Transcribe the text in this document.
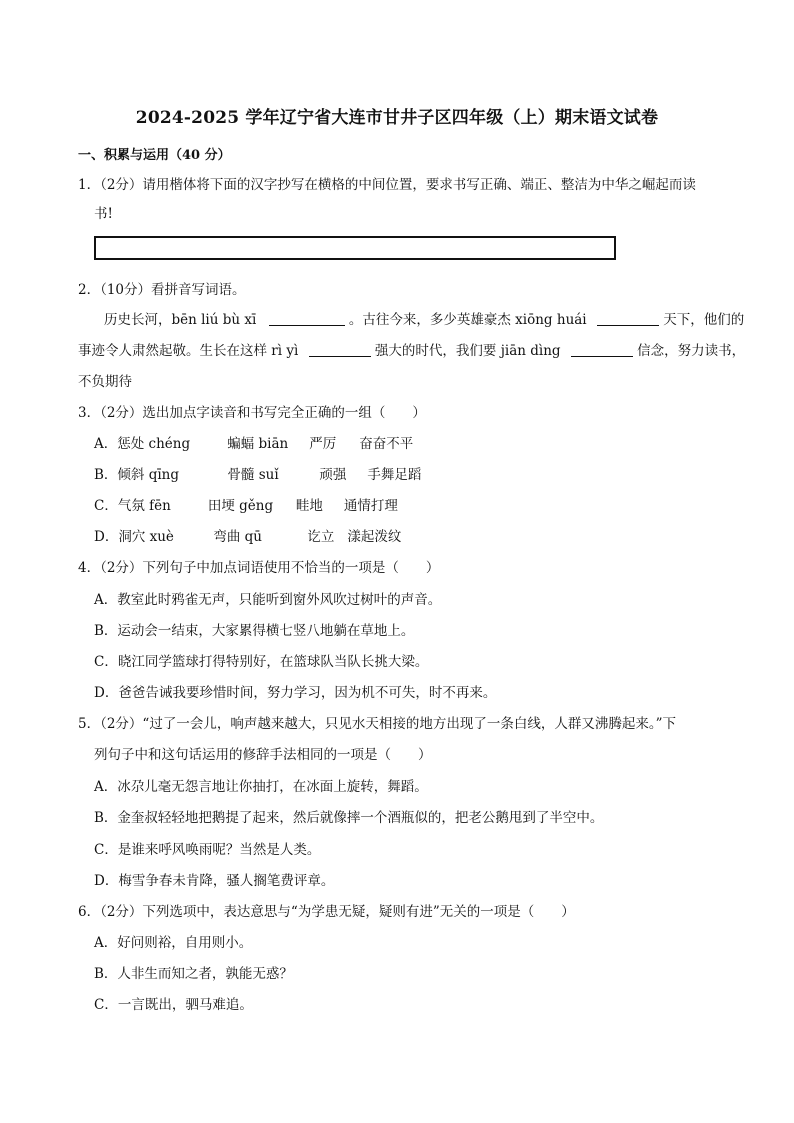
2024-2025 学年辽宁省大连市甘井子区四年级（上）期末语文试卷
一、积累与运用（40 分）
1．（2分）请用楷体将下面的汉字抄写在横格的中间位置，要求书写正确、端正、整洁为中华之崛起而读
书!
2．（10分）看拼音写词语。
历史长河，bēn liú bù xī	。古往今来，多少英雄豪杰 xiōng huái	天下，他们的
事迹令人肃然起敬。生长在这样 rì yì	强大的时代，我们要 jiān dìng	信念，努力读书，
不负期待
3．（2分）选出加点字读音和书写完全正确的一组（　　）
A．惩处 chéng	蝙蝠 biān 严厉 奋奋不平
B．倾斜 qīng	骨髓 suǐ	顽强 手舞足蹈
C．气氛 fēn	田埂 gěng 畦地 通情打理
D．洞穴 xuè	弯曲 qū	讫立 漾起泼纹
4．（2分）下列句子中加点词语使用不恰当的一项是（　　）
A．教室此时鸦雀无声，只能听到窗外风吹过树叶的声音。
B．运动会一结束，大家累得横七竖八地躺在草地上。
C．晓江同学篮球打得特别好，在篮球队当队长挑大梁。
D．爸爸告诫我要珍惜时间，努力学习，因为机不可失，时不再来。
5．（2分）“过了一会儿，响声越来越大，只见水天相接的地方出现了一条白线，人群又沸腾起来。”下
列句子中和这句话运用的修辞手法相同的一项是（　　）
A．冰尕儿毫无怨言地让你抽打，在冰面上旋转，舞蹈。
B．金奎叔轻轻地把鹅提了起来，然后就像摔一个酒瓶似的，把老公鹅甩到了半空中。
C．是谁来呼风唤雨呢？当然是人类。
D．梅雪争春未肯降，骚人搁笔费评章。
6．（2分）下列选项中，表达意思与“为学患无疑，疑则有进”无关的一项是（　　）
A．好问则裕，自用则小。
B．人非生而知之者，孰能无惑？
C．一言既出，驷马难追。
